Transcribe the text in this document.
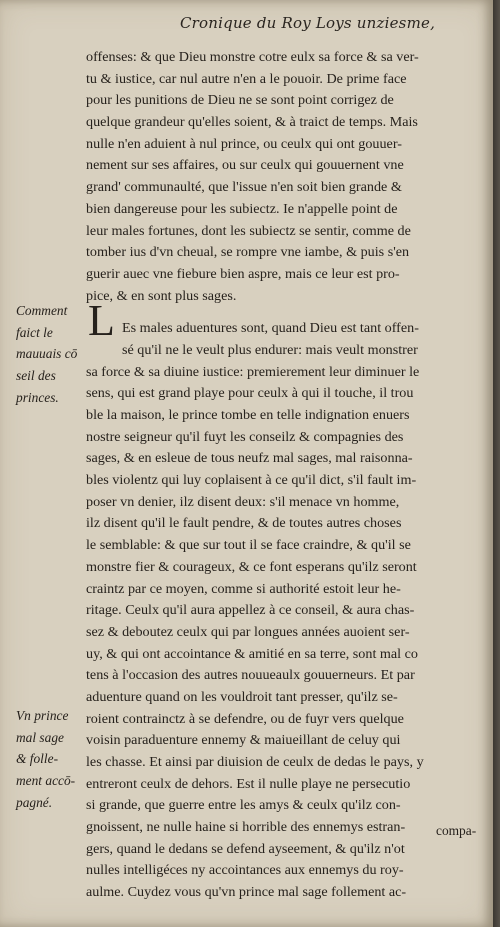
Cronique du Roy Loys unziesme,
offenses: & que Dieu monstre cotre eulx sa force & sa ver-
tu & iustice, car nul autre n'en a le pouoir. De prime face
pour les punitions de Dieu ne se sont point corrigez de
quelque grandeur qu'elles soient, & à traict de temps. Mais
nulle n'en aduient à nul prince, ou ceulx qui ont gouuer-
nement sur ses affaires, ou sur ceulx qui gouuernent vne
grand' communaulté, que l'issue n'en soit bien grande &
bien dangereuse pour les subiectz. Ie n'appelle point de
leur males fortunes, dont les subiectz se sentir, comme de
tomber ius d'vn cheual, se rompre vne iambe, & puis s'en
guerir auec vne fiebure bien aspre, mais ce leur est pro-
pice, & en sont plus sages.
Es males aduentures sont, quand Dieu est tant offen-
sé qu'il ne le veult plus endurer: mais veult monstrer
sa force & sa diuine iustice: premierement leur diminuer le
sens, qui est grand playe pour ceulx à qui il touche, il trou
ble la maison, le prince tombe en telle indignation enuers
nostre seigneur qu'il fuyt les conseilz & compagnies des
sages, & en esleue de tous neufz mal sages, mal raisonna-
bles violentz qui luy coplaisent à ce qu'il dict, s'il fault im-
poser vn denier, ilz disent deux: s'il menace vn homme,
ilz disent qu'il le fault pendre, & de toutes autres choses
le semblable: & que sur tout il se face craindre, & qu'il se
monstre fier & courageux, & ce font esperans qu'ilz seront
craintz par ce moyen, comme si authorité estoit leur he-
ritage. Ceulx qu'il aura appellez à ce conseil, & aura chas-
sez & deboutez ceulx qui par longues années auoient ser-
uy, & qui ont accointance & amitié en sa terre, sont mal co
tens à l'occasion des autres nouueaulx gouuerneurs. Et par
aduenture quand on les vouldroit tant presser, qu'ilz se-
roient contrainctz à se defendre, ou de fuyr vers quelque
voisin paraduenture ennemy & maiueillant de celuy qui
les chasse. Et ainsi par diuision de ceulx de dedas le pays, y
entreront ceulx de dehors. Est il nulle playe ne persecutio
si grande, que guerre entre les amys & ceulx qu'ilz con-
gnoissent, ne nulle haine si horrible des ennemys estran-
gers, quand le dedans se defend ayseement, & qu'ilz n'ot
nulles intelligéces ny accointances aux ennemys du roy-
aulme. Cuydez vous qu'vn prince mal sage follement ac-
L
Comment
faict le
mauuais cō
seil des
princes.
Vn prince
mal sage
& folle-
ment accō-
pagné.
compa-
